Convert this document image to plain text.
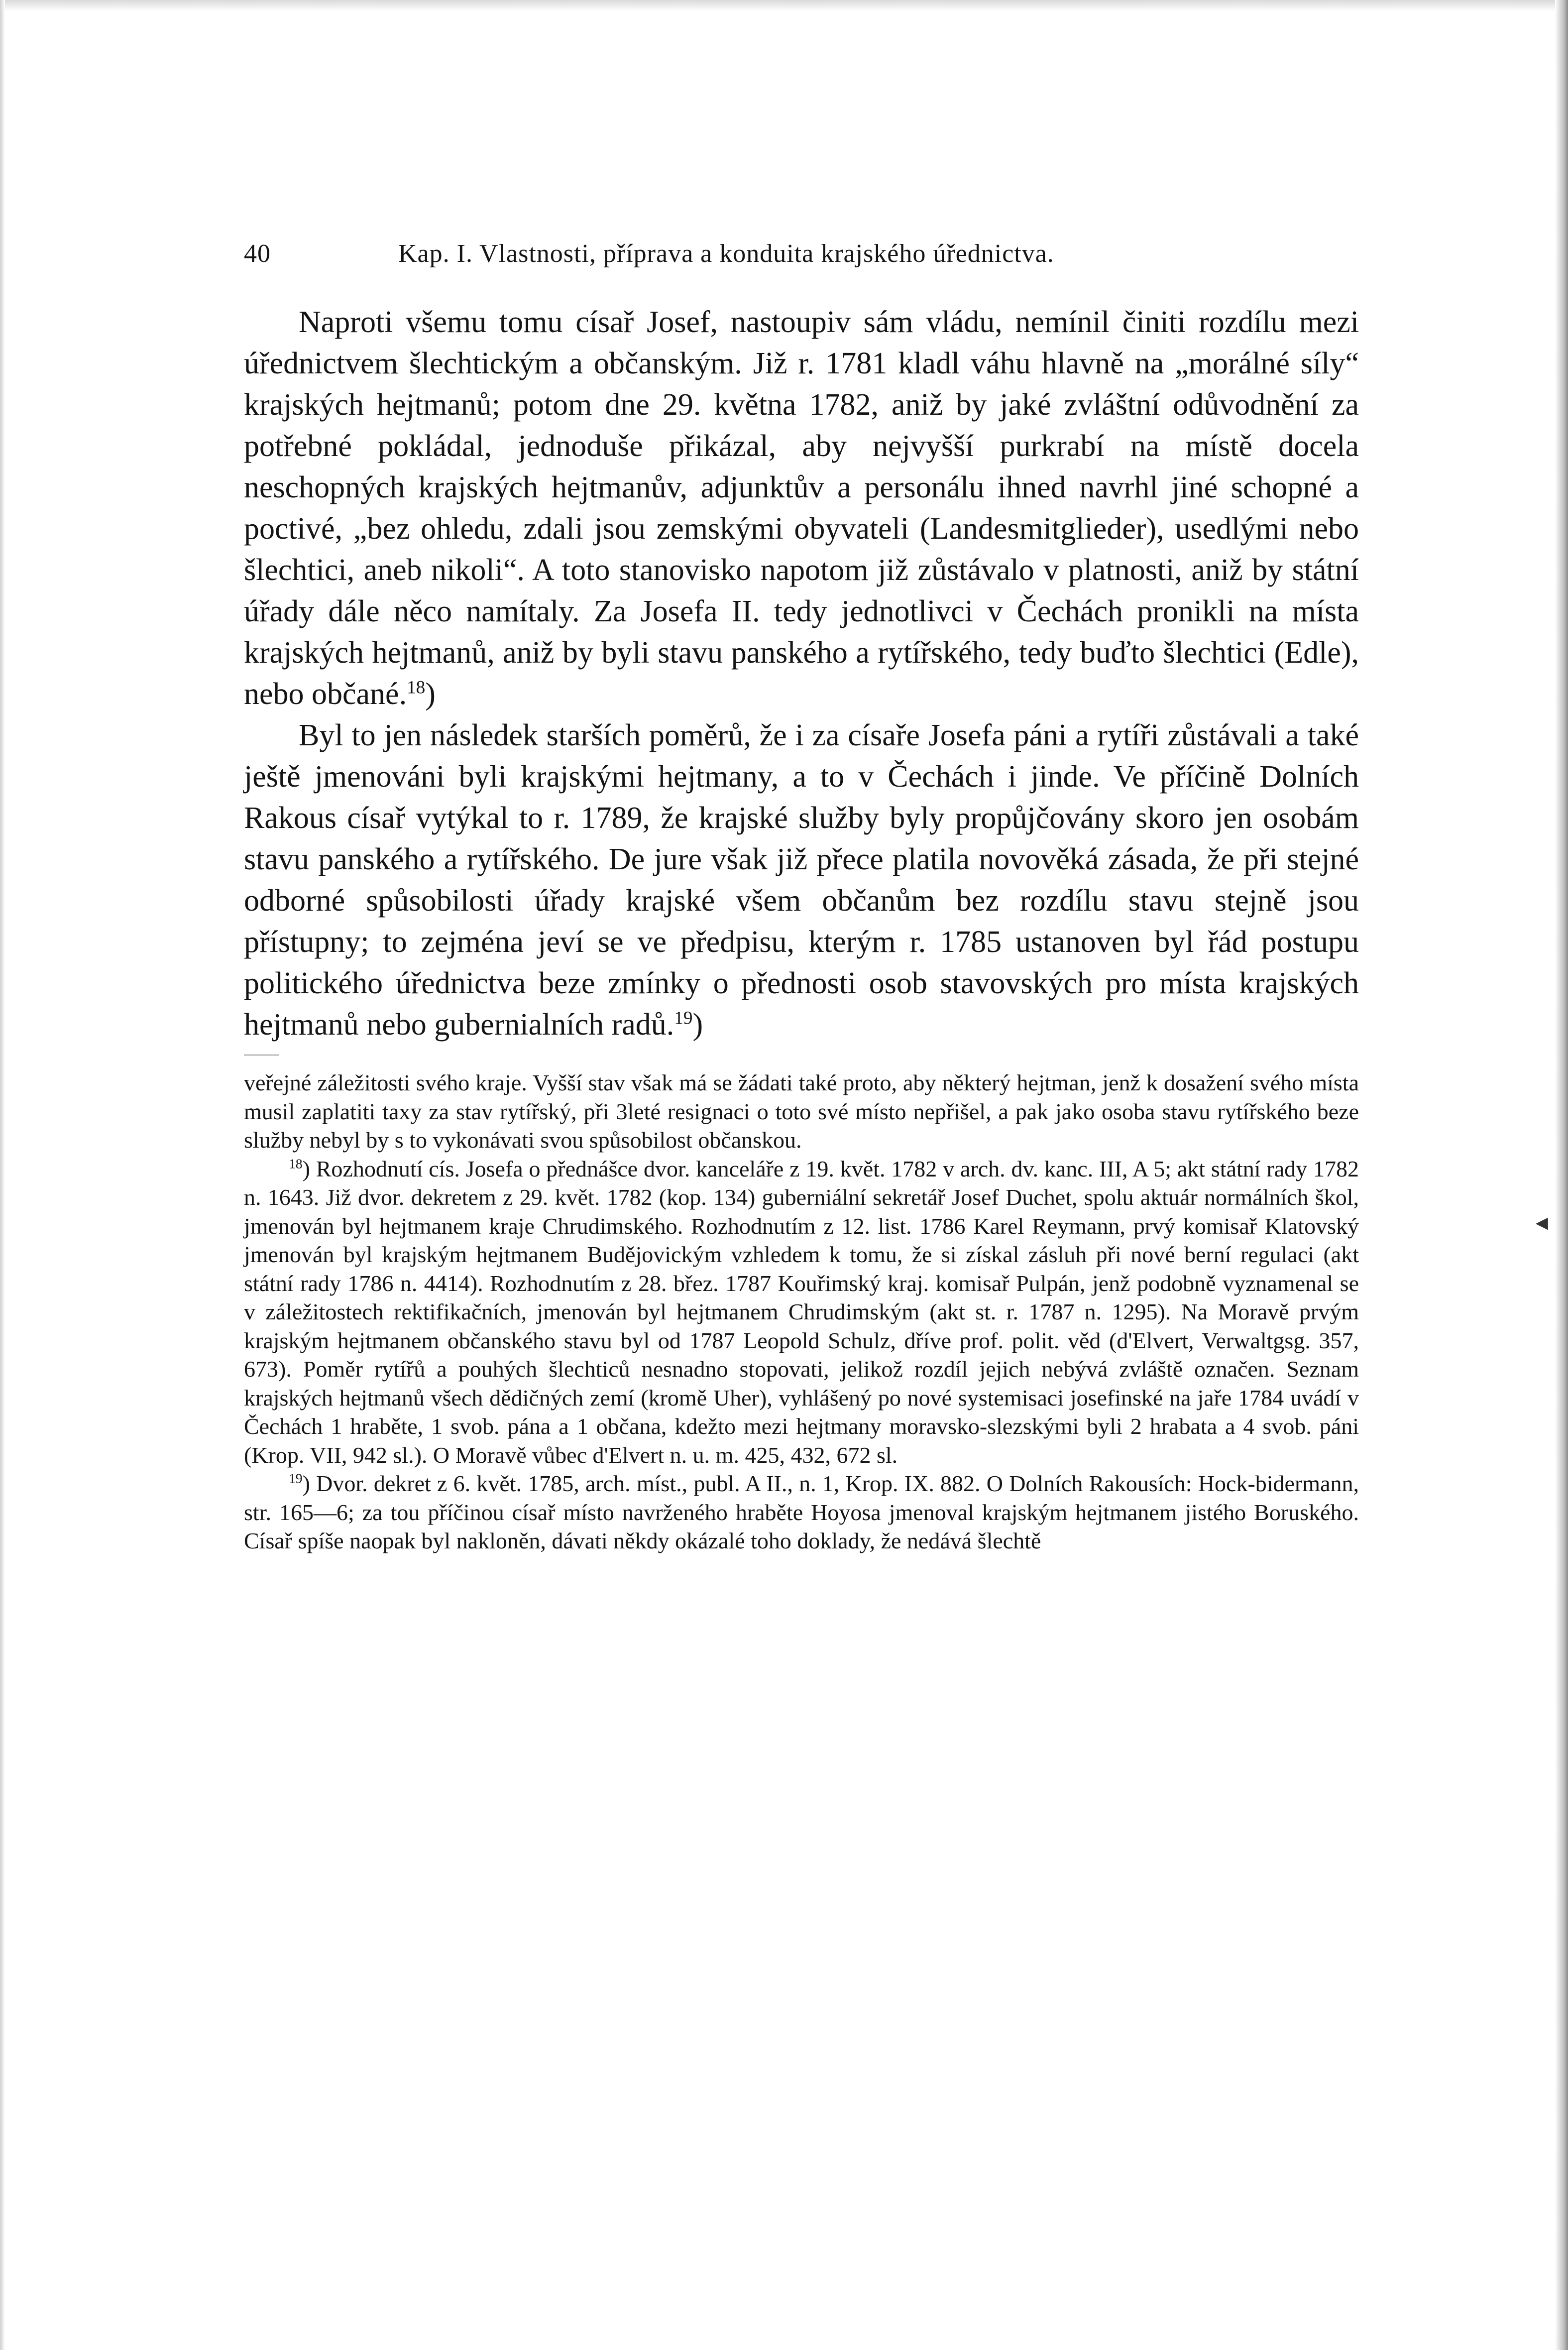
40	Kap. I. Vlastnosti, příprava a konduita krajského úřednictva.

Naproti všemu tomu císař Josef, nastoupiv sám vládu, nemínil činiti rozdílu mezi úřednictvem šlechtickým a občanským. Již r. 1781 kladl váhu hlavně na „morálné síly“ krajských hejtmanů; potom dne 29. května 1782, aniž by jaké zvláštní odůvodnění za potřebné pokládal, jednoduše přikázal, aby nejvyšší purkrabí na místě docela neschopných krajských hejtmanův, adjunktův a personálu ihned navrhl jiné schopné a poctivé, „bez ohledu, zdali jsou zemskými obyvateli (Landesmitglieder), usedlými nebo šlechtici, aneb nikoli“. A toto stanovisko napotom již zůstávalo v platnosti, aniž by státní úřady dále něco namítaly. Za Josefa II. tedy jednotlivci v Čechách pronikli na místa krajských hejtmanů, aniž by byli stavu panského a rytířského, tedy buďto šlechtici (Edle), nebo občané.$^{18}$)

Byl to jen následek starších poměrů, že i za císaře Josefa páni a rytíři zůstávali a také ještě jmenováni byli krajskými hejtmany, a to v Čechách i jinde. Ve příčině Dolních Rakous císař vytýkal to r. 1789, že krajské služby byly propůjčovány skoro jen osobám stavu panského a rytířského. De jure však již přece platila novověká zásada, že při stejné odborné spůsobilosti úřady krajské všem občanům bez rozdílu stavu stejně jsou přístupny; to zejména jeví se ve předpisu, kterým r. 1785 ustanoven byl řád postupu politického úřednictva beze zmínky o přednosti osob stavovských pro místa krajských hejtmanů nebo gubernialních radů.$^{19}$)

veřejné záležitosti svého kraje. Vyšší stav však má se žádati také proto, aby některý hejtman, jenž k dosažení svého místa musil zaplatiti taxy za stav rytířský, při 3leté resignaci o toto své místo nepřišel, a pak jako osoba stavu rytířského beze služby nebyl by s to vykonávati svou spůsobilost občanskou.

$^{18}$) Rozhodnutí cís. Josefa o přednášce dvor. kanceláře z 19. květ. 1782 v arch. dv. kanc. III, A 5; akt státní rady 1782 n. 1643. Již dvor. dekretem z 29. květ. 1782 (kop. 134) guberniální sekretář Josef Duchet, spolu aktuár normálních škol, jmenován byl hejtmanem kraje Chrudimského. Rozhodnutím z 12. list. 1786 Karel Reymann, prvý komisař Klatovský jmenován byl krajským hejtmanem Budějovickým vzhledem k tomu, že si získal zásluh při nové berní regulaci (akt státní rady 1786 n. 4414). Rozhodnutím z 28. břez. 1787 Kouřimský kraj. komisař Pulpán, jenž podobně vyznamenal se v záležitostech rektifikačních, jmenován byl hejtmanem Chrudimským (akt st. r. 1787 n. 1295). Na Moravě prvým krajským hejtmanem občanského stavu byl od 1787 Leopold Schulz, dříve prof. polit. věd (d'Elvert, Verwaltgsg. 357, 673). Poměr rytířů a pouhých šlechticů nesnadno stopovati, jelikož rozdíl jejich nebývá zvláště označen. Seznam krajských hejtmanů všech dědičných zemí (kromě Uher), vyhlášený po nové systemisaci josefinské na jaře 1784 uvádí v Čechách 1 hraběte, 1 svob. pána a 1 občana, kdežto mezi hejtmany moravsko-slezskými byli 2 hrabata a 4 svob. páni (Krop. VII, 942 sl.). O Moravě vůbec d'Elvert n. u. m. 425, 432, 672 sl.

$^{19}$) Dvor. dekret z 6. květ. 1785, arch. míst., publ. A II., n. 1, Krop. IX. 882. O Dolních Rakousích: Hock-bidermann, str. 165—6; za tou příčinou císař místo navrženého hraběte Hoyosa jmenoval krajským hejtmanem jistého Boruského. Císař spíše naopak byl nakloněn, dávati někdy okázalé toho doklady, že nedává šlechtě

◂
